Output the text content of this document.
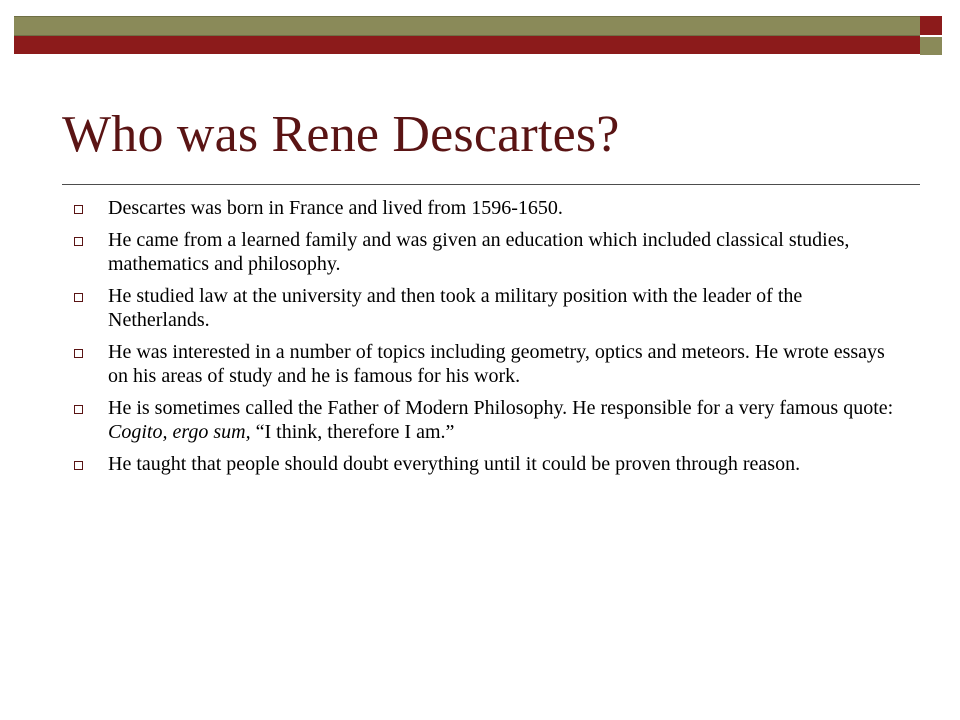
Who was Rene Descartes?
Descartes was born in France and lived from 1596-1650.
He came from a learned family and was given an education which included classical studies, mathematics and philosophy.
He studied law at the university and then took a military position with the leader of the Netherlands.
He was interested in a number of topics including geometry, optics and meteors. He wrote essays on his areas of study and he is famous for his work.
He is sometimes called the Father of Modern Philosophy. He responsible for a very famous quote: Cogito, ergo sum, “I think, therefore I am.”
He taught that people should doubt everything until it could be proven through reason.
